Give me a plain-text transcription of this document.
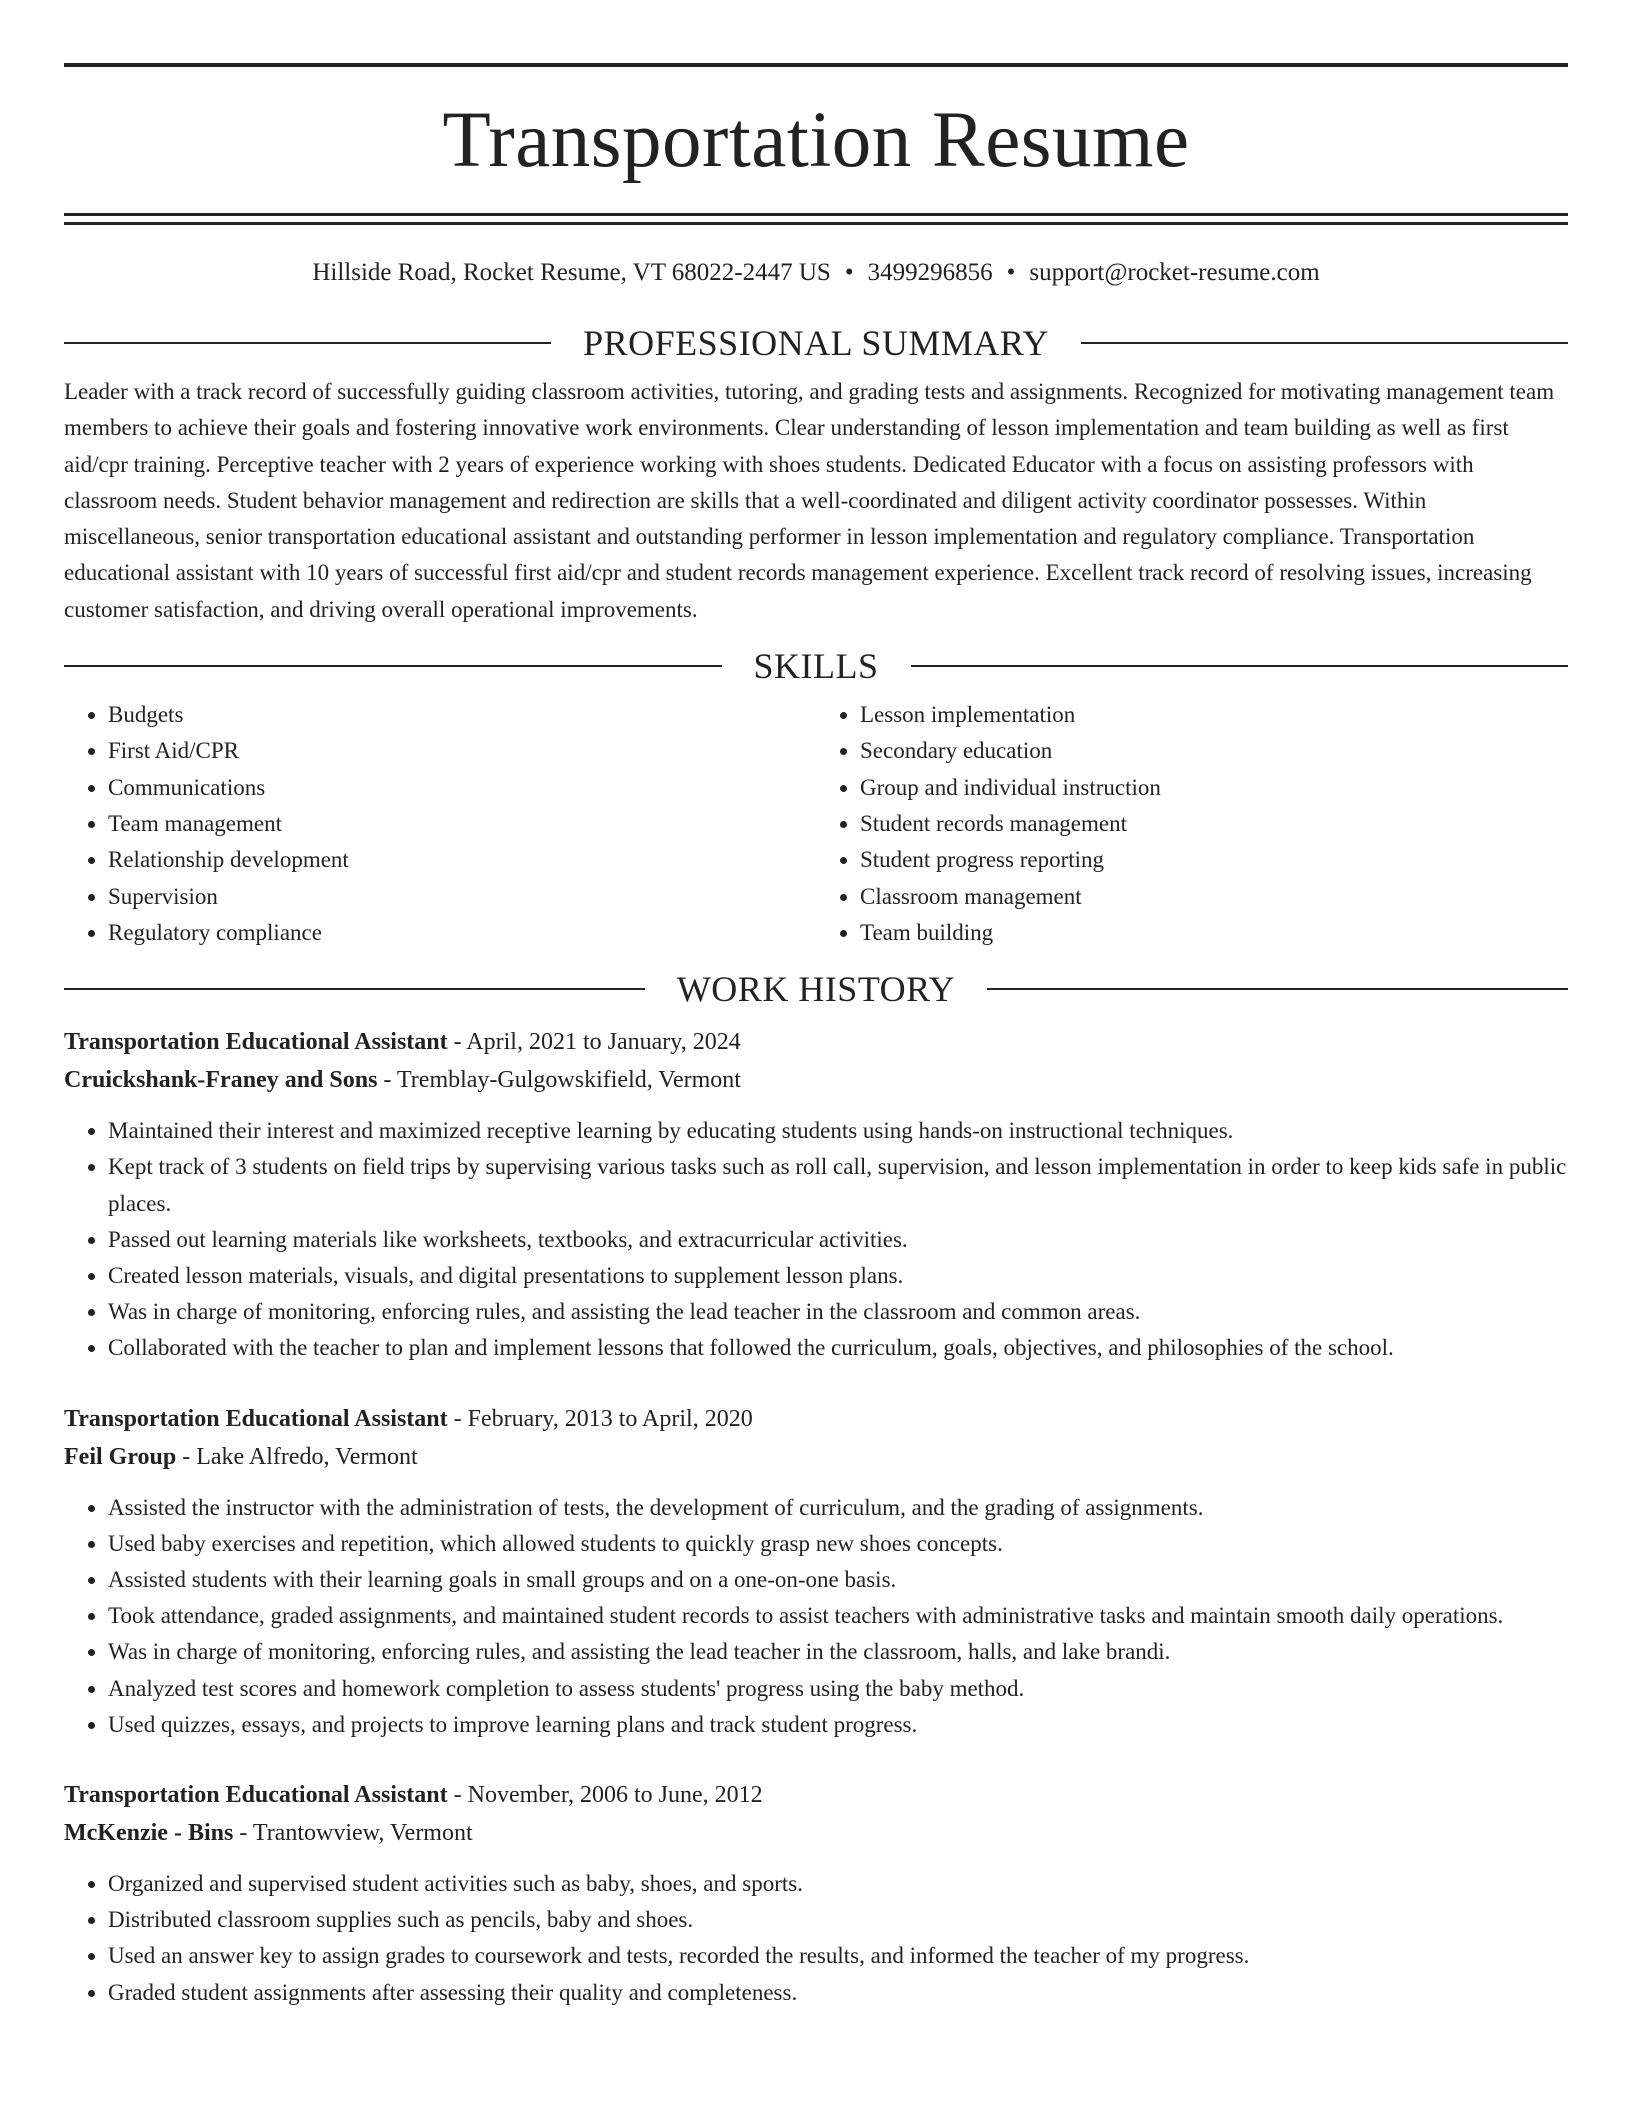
Transportation Resume
Hillside Road, Rocket Resume, VT 68022-2447 US • 3499296856 • support@rocket-resume.com
PROFESSIONAL SUMMARY

Leader with a track record of successfully guiding classroom activities, tutoring, and grading tests and assignments. Recognized for motivating management team members to achieve their goals and fostering innovative work environments. Clear understanding of lesson implementation and team building as well as first aid/cpr training. Perceptive teacher with 2 years of experience working with shoes students. Dedicated Educator with a focus on assisting professors with classroom needs. Student behavior management and redirection are skills that a well-coordinated and diligent activity coordinator possesses. Within miscellaneous, senior transportation educational assistant and outstanding performer in lesson implementation and regulatory compliance. Transportation educational assistant with 10 years of successful first aid/cpr and student records management experience. Excellent track record of resolving issues, increasing customer satisfaction, and driving overall operational improvements.

SKILLS
• Budgets
• First Aid/CPR
• Communications
• Team management
• Relationship development
• Supervision
• Regulatory compliance
• Lesson implementation
• Secondary education
• Group and individual instruction
• Student records management
• Student progress reporting
• Classroom management
• Team building
WORK HISTORY
Transportation Educational Assistant - April, 2021 to January, 2024
Cruickshank-Franey and Sons - Tremblay-Gulgowskifield, Vermont
• Maintained their interest and maximized receptive learning by educating students using hands-on instructional techniques.
• Kept track of 3 students on field trips by supervising various tasks such as roll call, supervision, and lesson implementation in order to keep kids safe in public places.
• Passed out learning materials like worksheets, textbooks, and extracurricular activities.
• Created lesson materials, visuals, and digital presentations to supplement lesson plans.
• Was in charge of monitoring, enforcing rules, and assisting the lead teacher in the classroom and common areas.
• Collaborated with the teacher to plan and implement lessons that followed the curriculum, goals, objectives, and philosophies of the school.
Transportation Educational Assistant - February, 2013 to April, 2020
Feil Group - Lake Alfredo, Vermont
• Assisted the instructor with the administration of tests, the development of curriculum, and the grading of assignments.
• Used baby exercises and repetition, which allowed students to quickly grasp new shoes concepts.
• Assisted students with their learning goals in small groups and on a one-on-one basis.
• Took attendance, graded assignments, and maintained student records to assist teachers with administrative tasks and maintain smooth daily operations.
• Was in charge of monitoring, enforcing rules, and assisting the lead teacher in the classroom, halls, and lake brandi.
• Analyzed test scores and homework completion to assess students' progress using the baby method.
• Used quizzes, essays, and projects to improve learning plans and track student progress.
Transportation Educational Assistant - November, 2006 to June, 2012
McKenzie - Bins - Trantowview, Vermont
• Organized and supervised student activities such as baby, shoes, and sports.
• Distributed classroom supplies such as pencils, baby and shoes.
• Used an answer key to assign grades to coursework and tests, recorded the results, and informed the teacher of my progress.
• Graded student assignments after assessing their quality and completeness.
